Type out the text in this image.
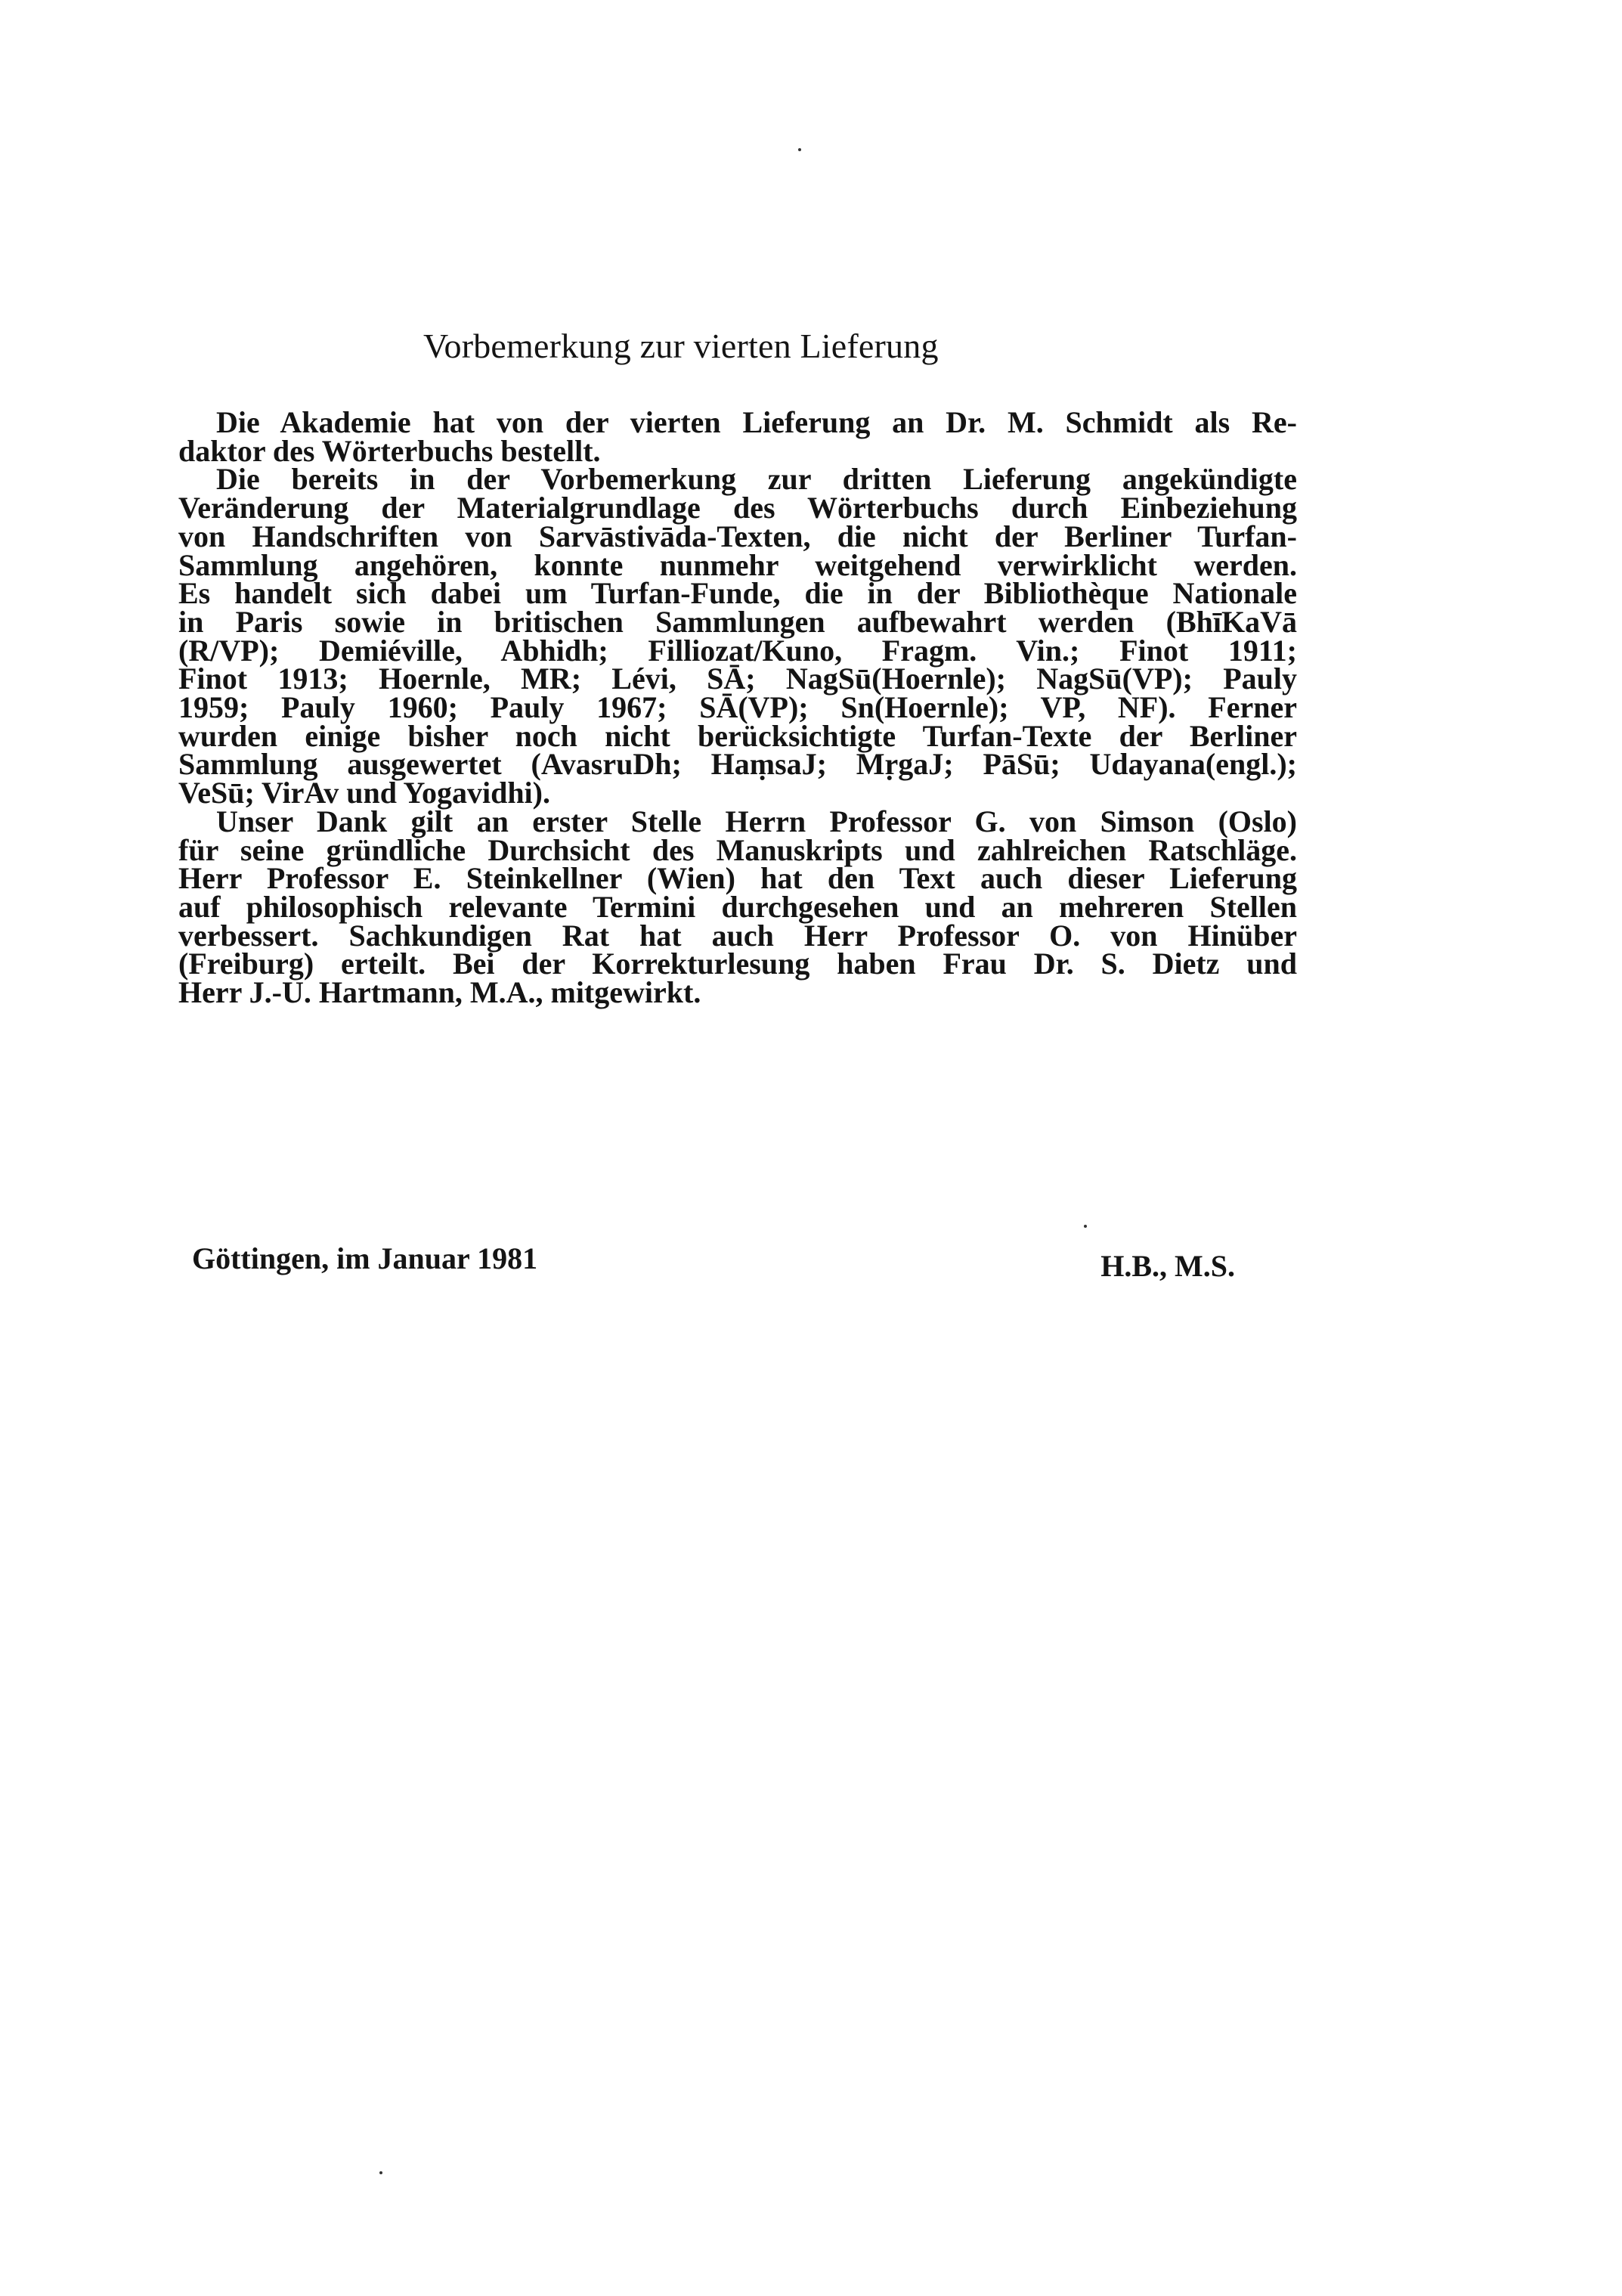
Vorbemerkung zur vierten Lieferung
Die Akademie hat von der vierten Lieferung an Dr. M. Schmidt als Re-
daktor des Wörterbuchs bestellt.
Die bereits in der Vorbemerkung zur dritten Lieferung angekündigte
Veränderung der Materialgrundlage des Wörterbuchs durch Einbeziehung
von Handschriften von Sarvāstivāda-Texten, die nicht der Berliner Turfan-
Sammlung angehören, konnte nunmehr weitgehend verwirklicht werden.
Es handelt sich dabei um Turfan-Funde, die in der Bibliothèque Nationale
in Paris sowie in britischen Sammlungen aufbewahrt werden (BhīKaVā
(R/VP); Demiéville, Abhidh; Filliozat/Kuno, Fragm. Vin.; Finot 1911;
Finot 1913; Hoernle, MR; Lévi, SĀ; NagSū(Hoernle); NagSū(VP); Pauly
1959; Pauly 1960; Pauly 1967; SĀ(VP); Sn(Hoernle); VP, NF). Ferner
wurden einige bisher noch nicht berücksichtigte Turfan-Texte der Berliner
Sammlung ausgewertet (AvasruDh; HaṃsaJ; MṛgaJ; PāSū; Udayana(engl.);
VeSū; VirAv und Yogavidhi).
Unser Dank gilt an erster Stelle Herrn Professor G. von Simson (Oslo)
für seine gründliche Durchsicht des Manuskripts und zahlreichen Ratschläge.
Herr Professor E. Steinkellner (Wien) hat den Text auch dieser Lieferung
auf philosophisch relevante Termini durchgesehen und an mehreren Stellen
verbessert. Sachkundigen Rat hat auch Herr Professor O. von Hinüber
(Freiburg) erteilt. Bei der Korrekturlesung haben Frau Dr. S. Dietz und
Herr J.-U. Hartmann, M.A., mitgewirkt.
Göttingen, im Januar 1981	H.B., M.S.
